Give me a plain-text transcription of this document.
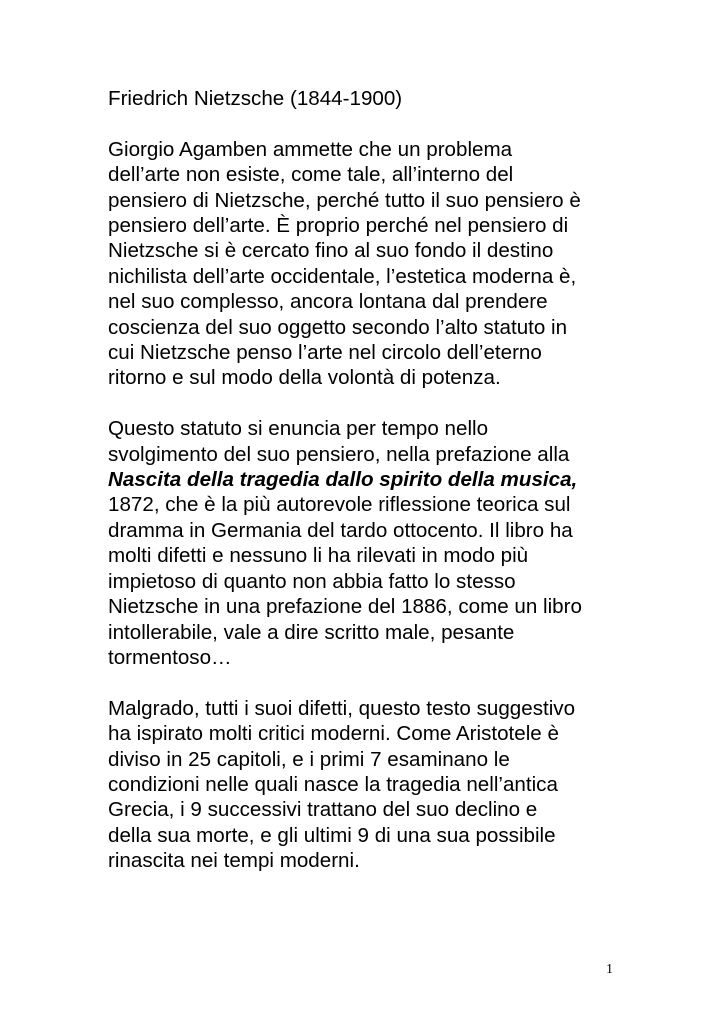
Friedrich Nietzsche (1844-1900)
Giorgio Agamben ammette che un problema
dell’arte non esiste, come tale, all’interno del
pensiero di Nietzsche, perché tutto il suo pensiero è
pensiero dell’arte. È proprio perché nel pensiero di
Nietzsche si è cercato fino al suo fondo il destino
nichilista dell’arte occidentale, l’estetica moderna è,
nel suo complesso, ancora lontana dal prendere
coscienza del suo oggetto secondo l’alto statuto in
cui Nietzsche penso l’arte nel circolo dell’eterno
ritorno e sul modo della volontà di potenza.
Questo statuto si enuncia per tempo nello
svolgimento del suo pensiero, nella prefazione alla
Nascita della tragedia dallo spirito della musica,
1872, che è la più autorevole riflessione teorica sul
dramma in Germania del tardo ottocento. Il libro ha
molti difetti e nessuno li ha rilevati in modo più
impietoso di quanto non abbia fatto lo stesso
Nietzsche in una prefazione del 1886, come un libro
intollerabile, vale a dire scritto male, pesante
tormentoso…
Malgrado, tutti i suoi difetti, questo testo suggestivo
ha ispirato molti critici moderni. Come Aristotele è
diviso in 25 capitoli, e i primi 7 esaminano le
condizioni nelle quali nasce la tragedia nell’antica
Grecia, i 9 successivi trattano del suo declino e
della sua morte, e gli ultimi 9 di una sua possibile
rinascita nei tempi moderni.
1
